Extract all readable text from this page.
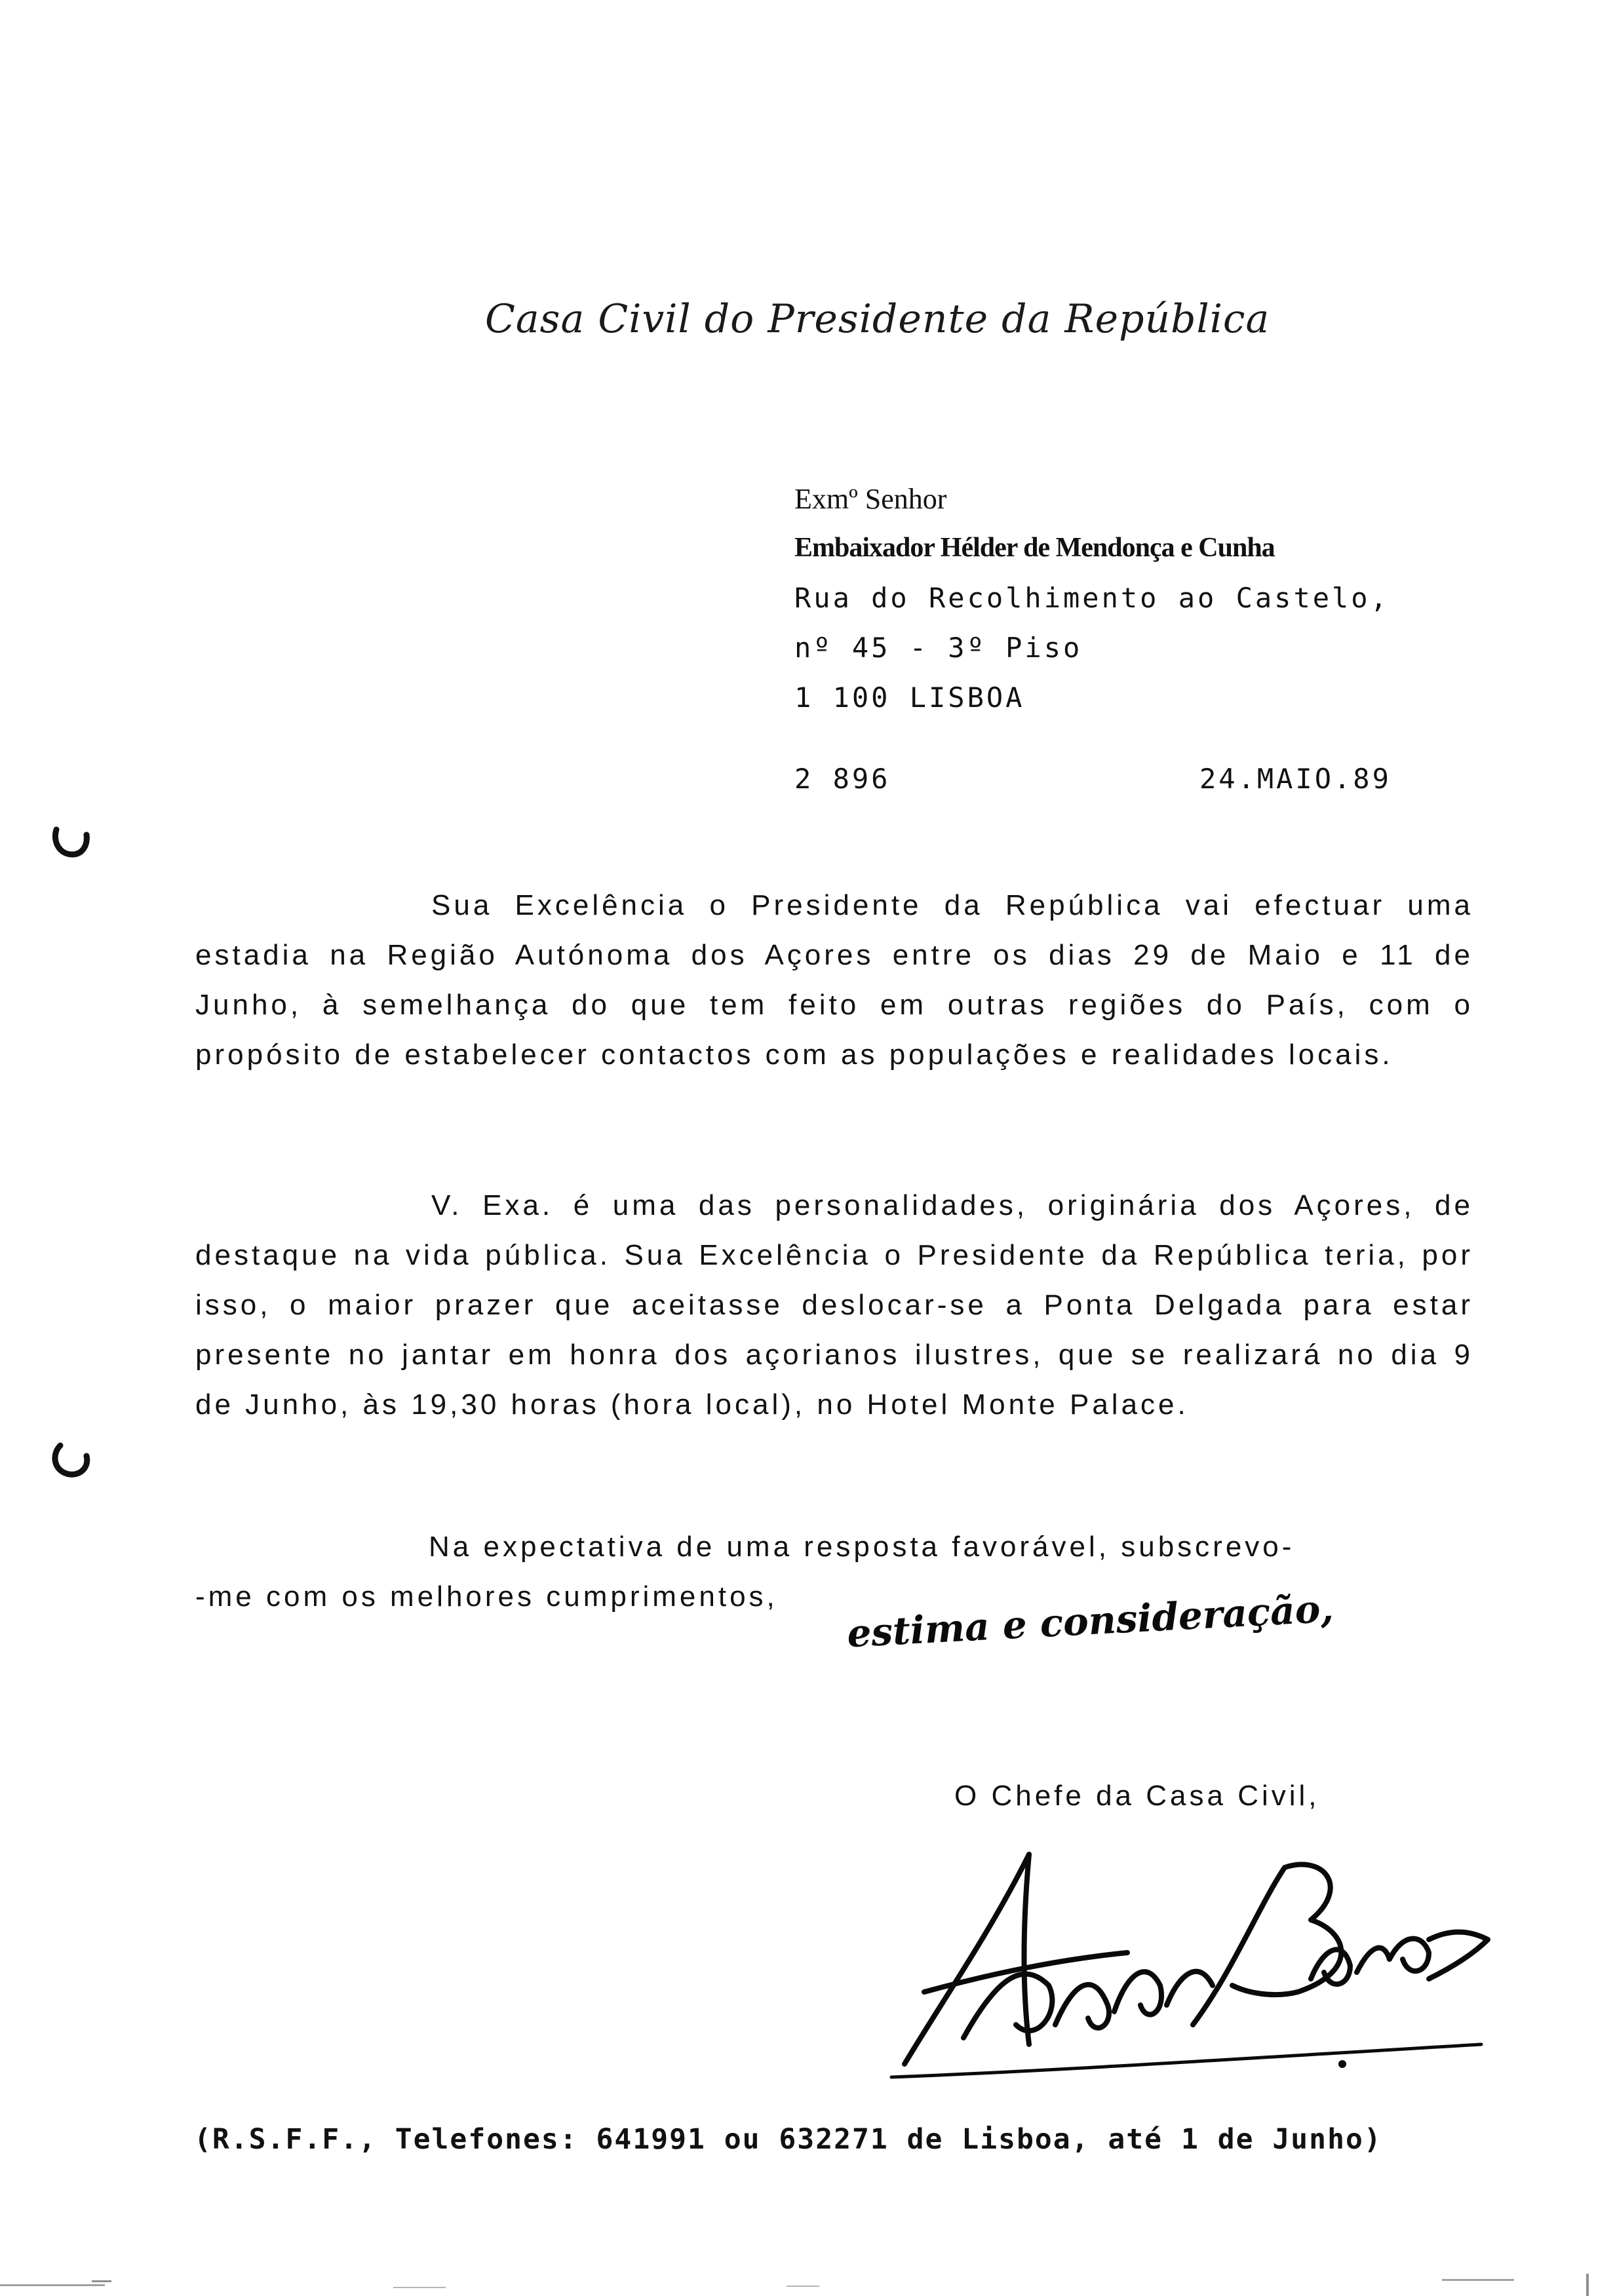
Casa Civil do Presidente da República
Exmº Senhor
Embaixador Hélder de Mendonça e Cunha
Rua do Recolhimento ao Castelo,
nº 45 - 3º Piso
1 100 LISBOA
2 896	24.MAIO.89
Sua Excelência o Presidente da República vai efectuar uma estadia na Região Autónoma dos Açores entre os dias 29 de Maio e 11 de Junho, à semelhança do que tem feito em outras regiões do País, com o propósito de estabelecer contactos com as populações e realidades locais.
V. Exa. é uma das personalidades, originária dos Açores, de destaque na vida pública. Sua Excelência o Presidente da República teria, por isso, o maior prazer que aceitasse deslocar-se a Ponta Delgada para estar presente no jantar em honra dos açorianos ilustres, que se realizará no dia 9 de Junho, às 19,30 horas (hora local), no Hotel Monte Palace.
Na expectativa de uma resposta favorável, subscrevo-
-me com os melhores cumprimentos, estima e consideração,
O Chefe da Casa Civil,
(R.S.F.F., Telefones: 641991 ou 632271 de Lisboa, até 1 de Junho)
